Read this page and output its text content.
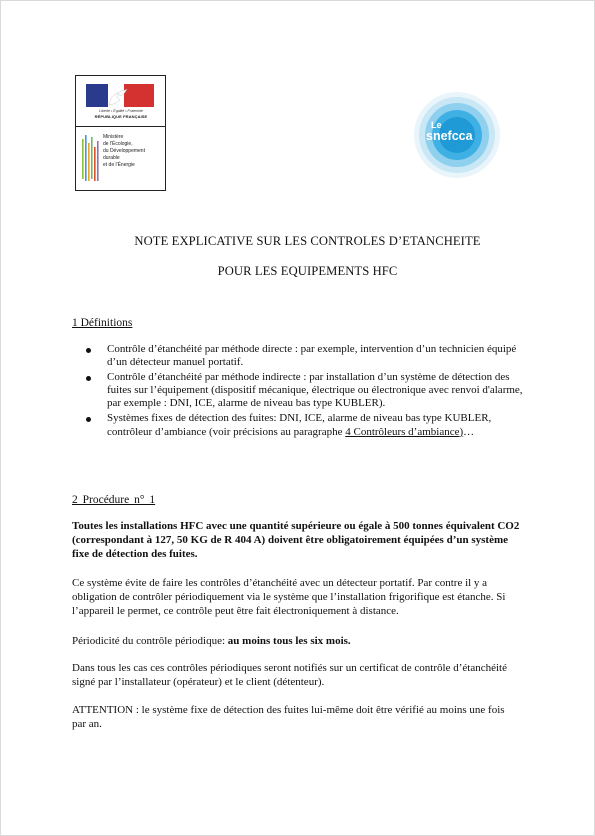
Liberté • Égalité • Fraternité
RÉPUBLIQUE FRANÇAISE
Ministère
de l'Écologie,
du Développement
durable
et de l'Énergie
Le
snefcca
NOTE EXPLICATIVE SUR LES CONTROLES D’ETANCHEITE
POUR LES EQUIPEMENTS HFC
1 Définitions
Contrôle d’étanchéité par méthode directe : par exemple, intervention d’un technicien équipé d’un détecteur manuel portatif.
Contrôle d’étanchéité par méthode indirecte : par installation d’un système de détection des fuites sur l’équipement (dispositif mécanique, électrique ou électronique avec renvoi d'alarme, par exemple : DNI, ICE, alarme de niveau bas type KUBLER).
Systèmes fixes de détection des fuites: DNI, ICE, alarme de niveau bas type KUBLER, contrôleur d’ambiance (voir précisions au paragraphe 4 Contrôleurs d’ambiance)…
2 Procédure n° 1
Toutes les installations HFC avec une quantité supérieure ou égale à 500 tonnes équivalent CO2 (correspondant à 127, 50 KG de R 404 A) doivent être obligatoirement équipées d’un système fixe de détection des fuites.
Ce système évite de faire les contrôles d’étanchéité avec un détecteur portatif. Par contre il y a obligation de contrôler périodiquement via le système que l’installation frigorifique est étanche. Si l’appareil le permet, ce contrôle peut être fait électroniquement à distance.
Périodicité du contrôle périodique: au moins tous les six mois.
Dans tous les cas ces contrôles périodiques seront notifiés sur un certificat de contrôle d’étanchéité signé par l’installateur (opérateur) et le client (détenteur).
ATTENTION : le système fixe de détection des fuites lui-même doit être vérifié au moins une fois par an.
